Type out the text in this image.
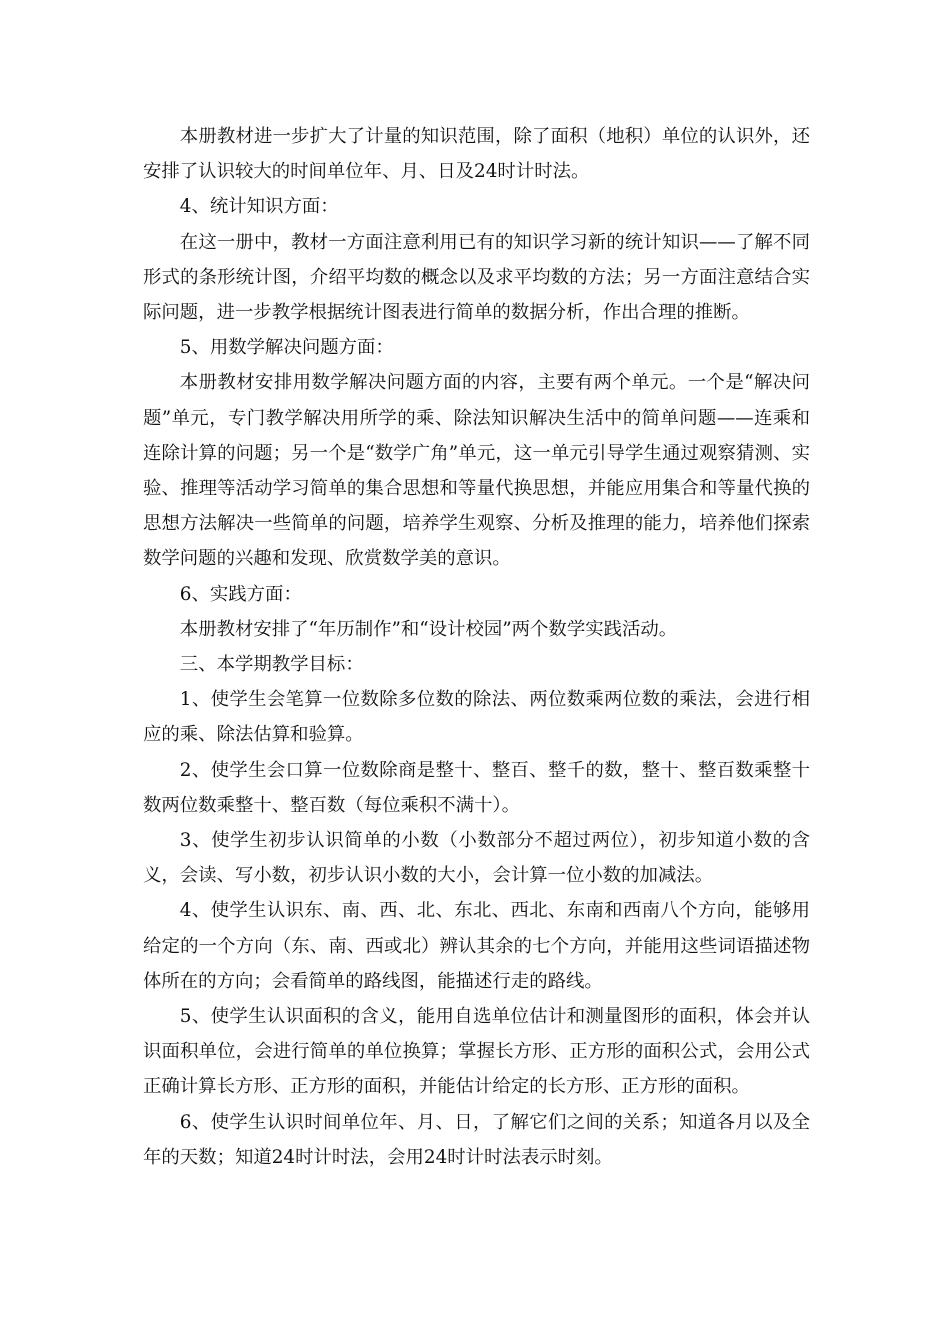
本册教材进一步扩大了计量的知识范围，除了面积（地积）单位的认识外，还安排了认识较大的时间单位年、月、日及24时计时法。

4、统计知识方面：

在这一册中，教材一方面注意利用已有的知识学习新的统计知识——了解不同形式的条形统计图，介绍平均数的概念以及求平均数的方法；另一方面注意结合实际问题，进一步教学根据统计图表进行简单的数据分析，作出合理的推断。

5、用数学解决问题方面：

本册教材安排用数学解决问题方面的内容，主要有两个单元。一个是“解决问题”单元，专门教学解决用所学的乘、除法知识解决生活中的简单问题——连乘和连除计算的问题；另一个是“数学广角”单元，这一单元引导学生通过观察猜测、实验、推理等活动学习简单的集合思想和等量代换思想，并能应用集合和等量代换的思想方法解决一些简单的问题，培养学生观察、分析及推理的能力，培养他们探索数学问题的兴趣和发现、欣赏数学美的意识。

6、实践方面：

本册教材安排了“年历制作”和“设计校园”两个数学实践活动。

三、本学期教学目标：

1、使学生会笔算一位数除多位数的除法、两位数乘两位数的乘法，会进行相应的乘、除法估算和验算。

2、使学生会口算一位数除商是整十、整百、整千的数，整十、整百数乘整十数两位数乘整十、整百数（每位乘积不满十）。

3、使学生初步认识简单的小数（小数部分不超过两位），初步知道小数的含义，会读、写小数，初步认识小数的大小，会计算一位小数的加减法。

4、使学生认识东、南、西、北、东北、西北、东南和西南八个方向，能够用给定的一个方向（东、南、西或北）辨认其余的七个方向，并能用这些词语描述物体所在的方向；会看简单的路线图，能描述行走的路线。

5、使学生认识面积的含义，能用自选单位估计和测量图形的面积，体会并认识面积单位，会进行简单的单位换算；掌握长方形、正方形的面积公式，会用公式正确计算长方形、正方形的面积，并能估计给定的长方形、正方形的面积。

6、使学生认识时间单位年、月、日，了解它们之间的关系；知道各月以及全年的天数；知道24时计时法，会用24时计时法表示时刻。
